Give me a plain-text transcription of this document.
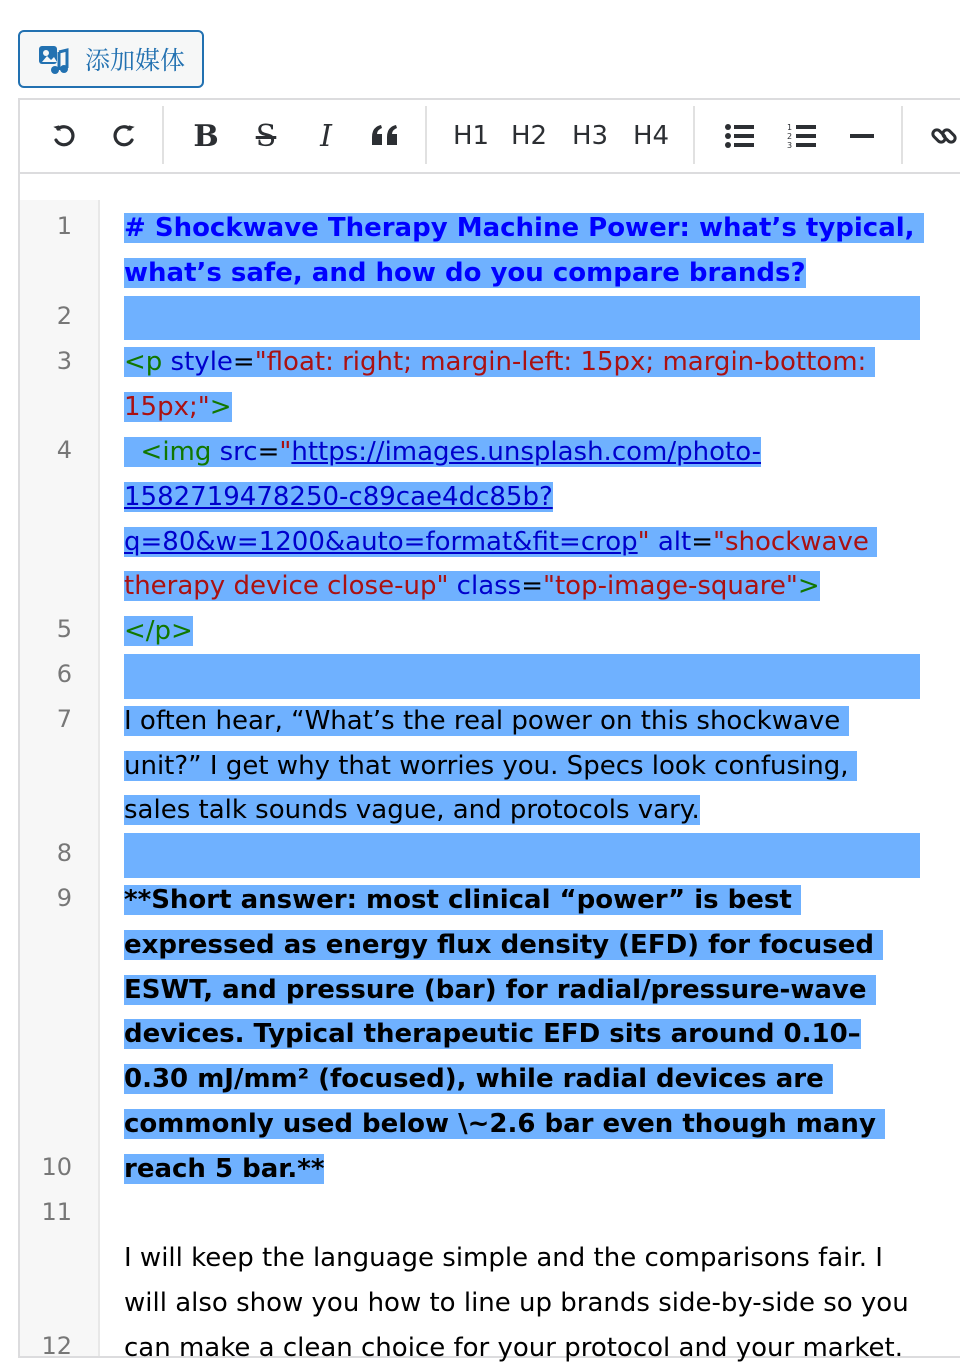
添加媒体
B S I	H1 H2 H3 H4	1
2
3
1
2
3
4
5
6
7
8
9
10
11
12
# Shockwave Therapy Machine Power: what’s typical, what’s safe, and how do you compare brands?
<p style="float: right; margin-left: 15px; margin-bottom: 15px;">
<img src="https://images.unsplash.com/photo-1582719478250-c89cae4dc85b?q=80&w=1200&auto=format&fit=crop" alt="shockwave therapy device close-up" class="top-image-square">
</p>
I often hear, “What’s the real power on this shockwave unit?” I get why that worries you. Specs look confusing, sales talk sounds vague, and protocols vary.
**Short answer: most clinical “power” is best expressed as energy flux density (EFD) for focused ESWT, and pressure (bar) for radial/pressure-wave devices. Typical therapeutic EFD sits around 0.10–0.30 mJ/mm² (focused), while radial devices are commonly used below \~2.6 bar even though many reach 5 bar.**
I will keep the language simple and the comparisons fair. I will also show you how to line up brands side-by-side so you can make a clean choice for your protocol and your market.
